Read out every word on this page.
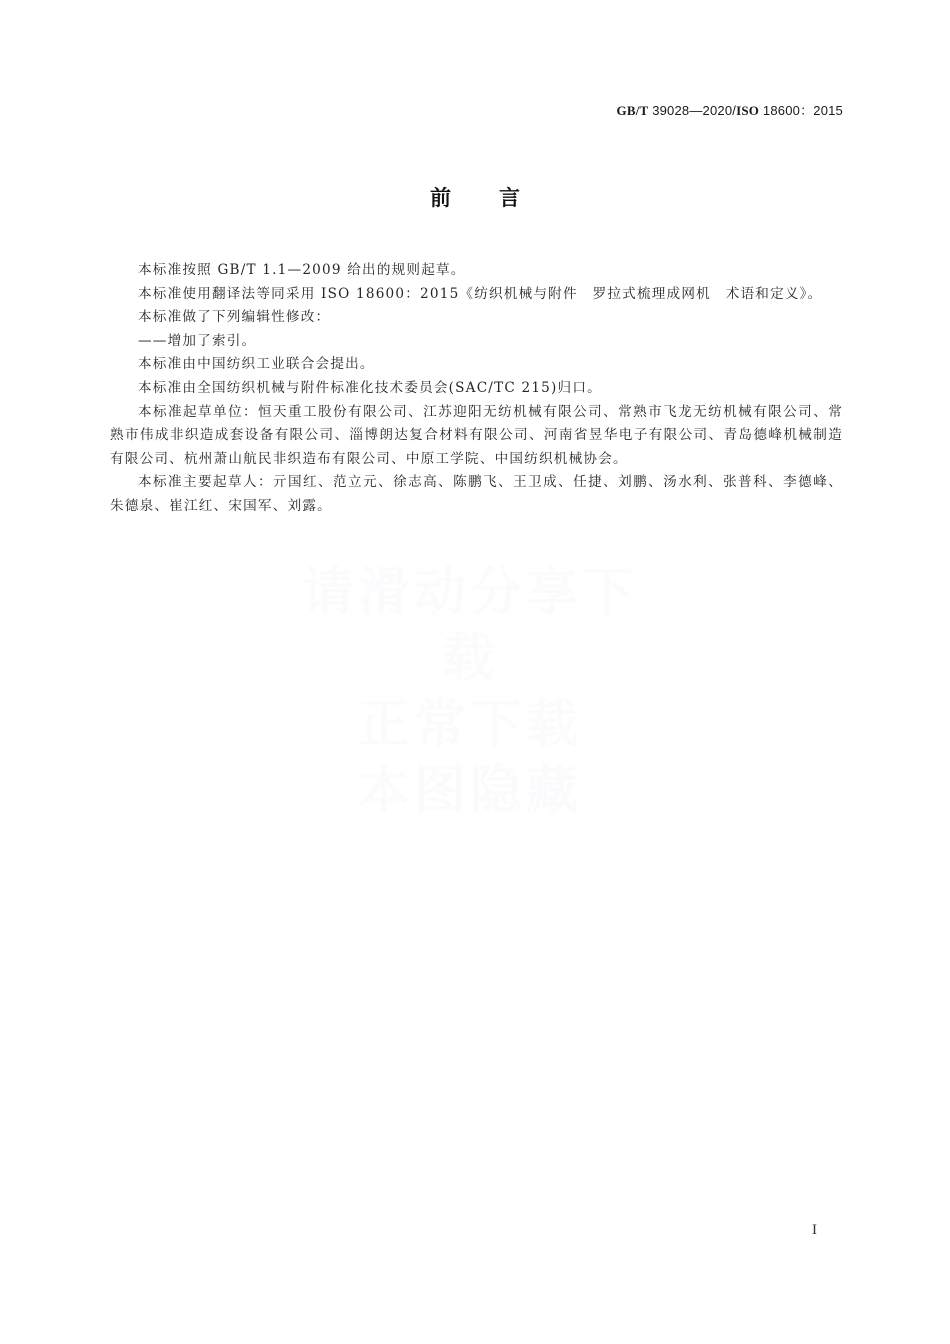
GB/T 39028—2020/ISO 18600：2015
前言

本标准按照 GB/T 1.1—2009 给出的规则起草。

本标准使用翻译法等同采用 ISO 18600：2015《纺织机械与附件　罗拉式梳理成网机　术语和定义》。

本标准做了下列编辑性修改：

——增加了索引。

本标准由中国纺织工业联合会提出。

本标准由全国纺织机械与附件标准化技术委员会(SAC/TC 215)归口。

本标准起草单位：恒天重工股份有限公司、江苏迎阳无纺机械有限公司、常熟市飞龙无纺机械有限公司、常熟市伟成非织造成套设备有限公司、淄博朗达复合材料有限公司、河南省昱华电子有限公司、青岛德峰机械制造有限公司、杭州萧山航民非织造布有限公司、中原工学院、中国纺织机械协会。

本标准主要起草人：亓国红、范立元、徐志高、陈鹏飞、王卫成、任捷、刘鹏、汤水利、张普科、李德峰、朱德泉、崔江红、宋国军、刘露。

请滑动分享下载
正常下载
本图隐藏
I
